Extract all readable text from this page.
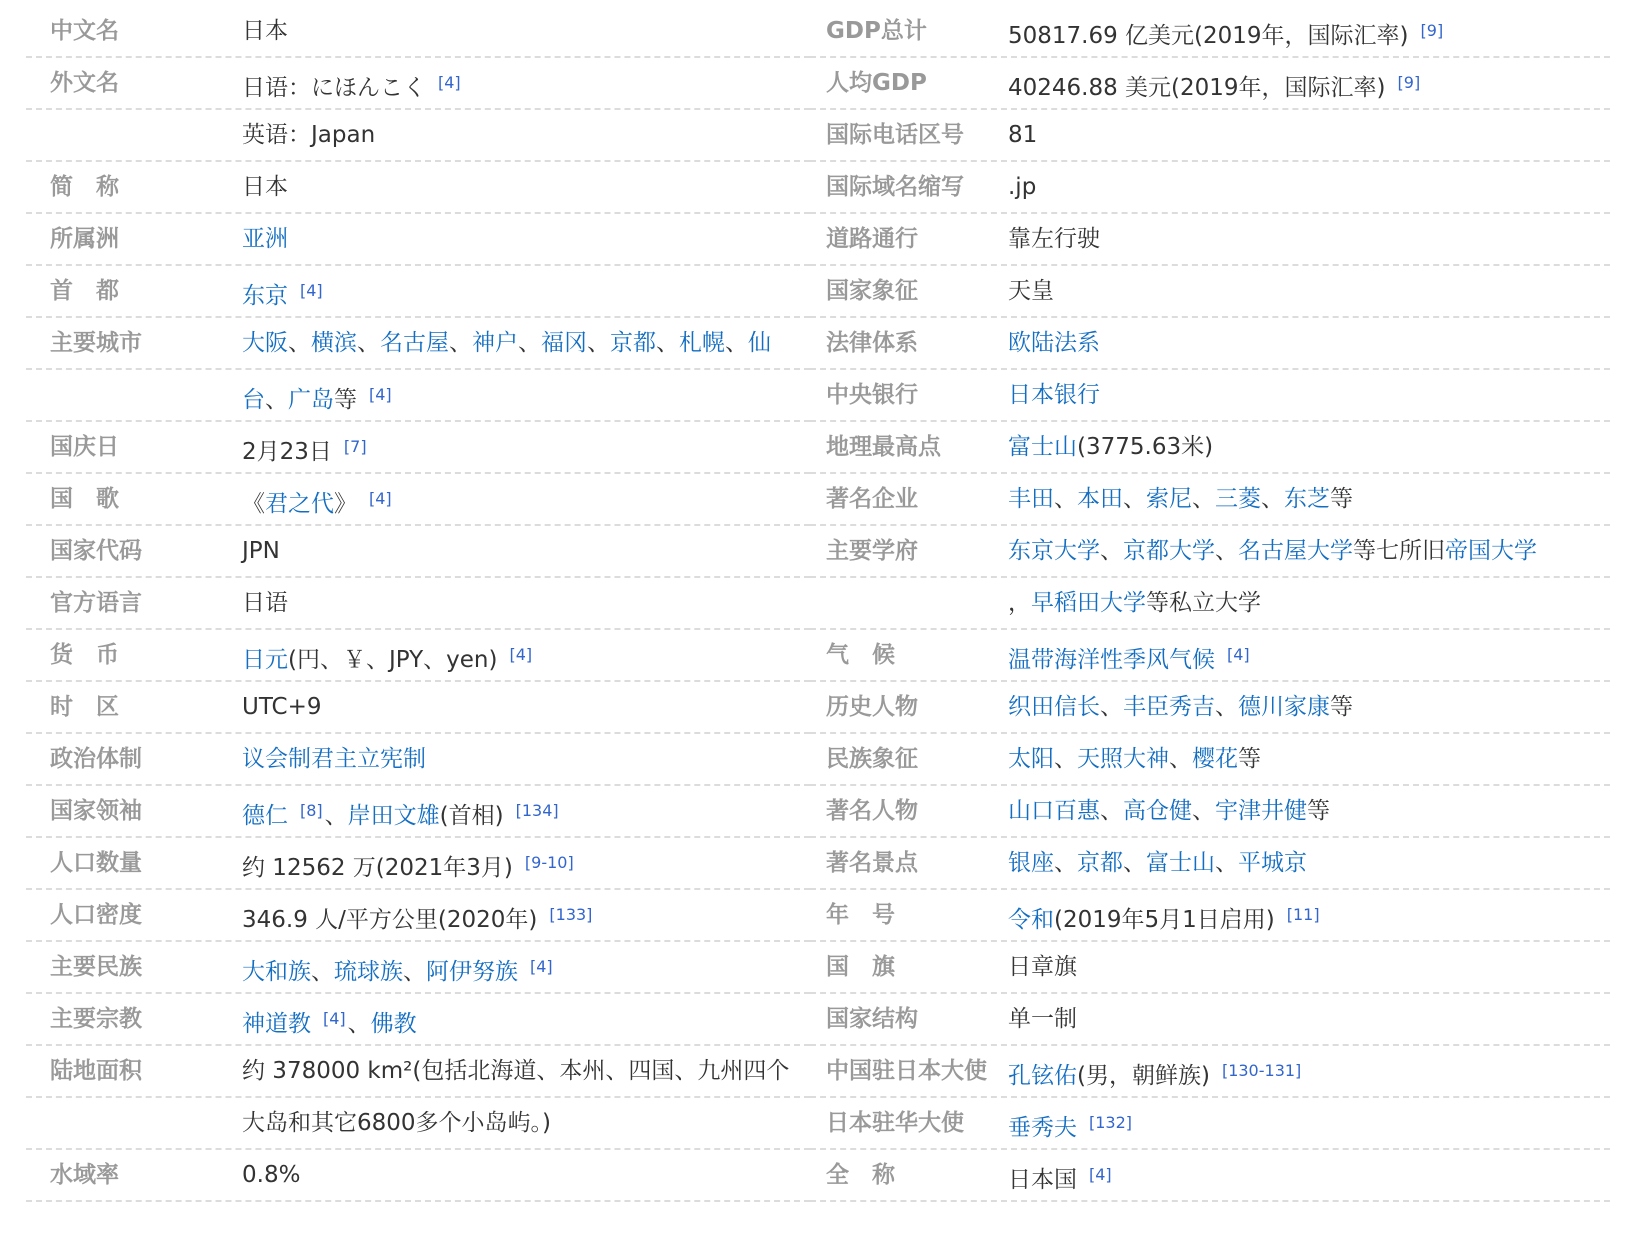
中文名	日本
外文名	日语：にほんこく [4]
英语：Japan
简　称	日本
所属洲	亚洲
首　都	东京 [4]
主要城市	大阪、横滨、名古屋、神户、福冈、京都、札幌、仙
台、广岛等 [4]
国庆日	2月23日 [7]
国　歌	《君之代》 [4]
国家代码	JPN
官方语言	日语
货　币	日元(円、￥、JPY、yen) [4]
时　区	UTC+9
政治体制	议会制君主立宪制
国家领袖	德仁 [8]、岸田文雄(首相) [134]
人口数量	约 12562 万(2021年3月) [9-10]
人口密度	346.9 人/平方公里(2020年) [133]
主要民族	大和族、琉球族、阿伊努族 [4]
主要宗教	神道教 [4]、佛教
陆地面积	约 378000 km²(包括北海道、本州、四国、九州四个
大岛和其它6800多个小岛屿。)
水域率	0.8%
GDP总计	50817.69 亿美元(2019年，国际汇率) [9]
人均GDP	40246.88 美元(2019年，国际汇率) [9]
国际电话区号 81
国际域名缩写 .jp
道路通行	靠左行驶
国家象征	天皇
法律体系	欧陆法系
中央银行	日本银行
地理最高点	富士山(3775.63米)
著名企业	丰田、本田、索尼、三菱、东芝等
主要学府	东京大学、京都大学、名古屋大学等七所旧帝国大学
，早稻田大学等私立大学
气　候	温带海洋性季风气候 [4]
历史人物	织田信长、丰臣秀吉、德川家康等
民族象征	太阳、天照大神、樱花等
著名人物	山口百惠、高仓健、宇津井健等
著名景点	银座、京都、富士山、平城京
年　号	令和(2019年5月1日启用) [11]
国　旗	日章旗
国家结构	单一制
中国驻日本大使 孔铉佑(男，朝鲜族) [130-131]
日本驻华大使 垂秀夫 [132]
全　称	日本国 [4]
